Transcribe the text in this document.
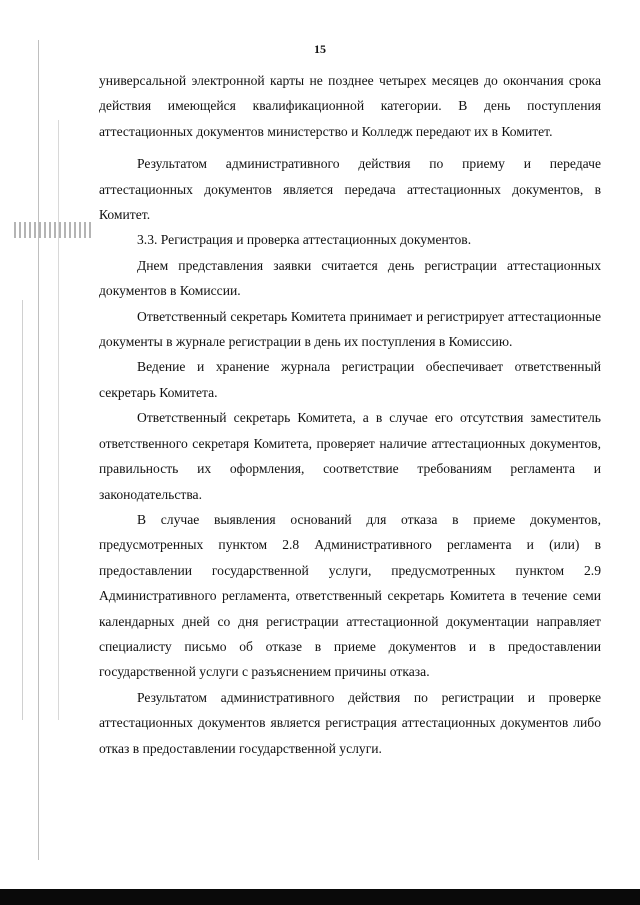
15

универсальной электронной карты не позднее четырех месяцев до окончания срока действия имеющейся квалификационной категории. В день поступления аттестационных документов министерство и Колледж передают их в Комитет.

Результатом административного действия по приему и передаче аттестационных документов является передача аттестационных документов, в Комитет.

3.3. Регистрация и проверка аттестационных документов.

Днем представления заявки считается день регистрации аттестационных документов в Комиссии.

Ответственный секретарь Комитета принимает и регистрирует аттестационные документы в журнале регистрации в день их поступления в Комиссию.

Ведение и хранение журнала регистрации обеспечивает ответственный секретарь Комитета.

Ответственный секретарь Комитета, а в случае его отсутствия заместитель ответственного секретаря Комитета, проверяет наличие аттестационных документов, правильность их оформления, соответствие требованиям регламента и законодательства.

В случае выявления оснований для отказа в приеме документов, предусмотренных пунктом 2.8 Административного регламента и (или) в предоставлении государственной услуги, предусмотренных пунктом 2.9 Административного регламента, ответственный секретарь Комитета в течение семи календарных дней со дня регистрации аттестационной документации направляет специалисту письмо об отказе в приеме документов и в предоставлении государственной услуги с разъяснением причины отказа.

Результатом административного действия по регистрации и проверке аттестационных документов является регистрация аттестационных документов либо отказ в предоставлении государственной услуги.
